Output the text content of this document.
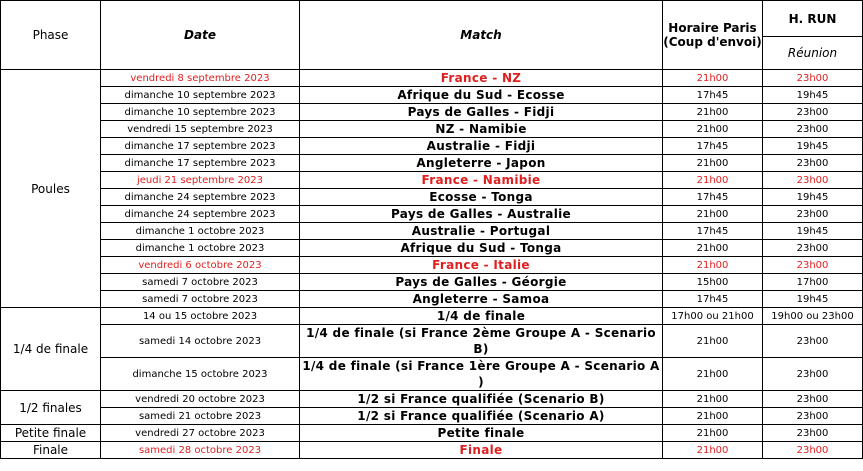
Phase	Date	Match	Horaire Paris (Coup d'envoi)	H. RUN
				Réunion
Poules	vendredi 8 septembre 2023	France - NZ	21h00	23h00
	dimanche 10 septembre 2023	Afrique du Sud - Ecosse	17h45	19h45
	dimanche 10 septembre 2023	Pays de Galles - Fidji	21h00	23h00
	vendredi 15 septembre 2023	NZ - Namibie	21h00	23h00
	dimanche 17 septembre 2023	Australie - Fidji	17h45	19h45
	dimanche 17 septembre 2023	Angleterre - Japon	21h00	23h00
	jeudi 21 septembre 2023	France - Namibie	21h00	23h00
	dimanche 24 septembre 2023	Ecosse - Tonga	17h45	19h45
	dimanche 24 septembre 2023	Pays de Galles - Australie	21h00	23h00
	dimanche 1 octobre 2023	Australie - Portugal	17h45	19h45
	dimanche 1 octobre 2023	Afrique du Sud - Tonga	21h00	23h00
	vendredi 6 octobre 2023	France - Italie	21h00	23h00
	samedi 7 octobre 2023	Pays de Galles - Géorgie	15h00	17h00
	samedi 7 octobre 2023	Angleterre - Samoa	17h45	19h45
1/4 de finale	14 ou 15 octobre 2023	1/4 de finale	17h00 ou 21h00	19h00 ou 23h00
	samedi 14 octobre 2023	1/4 de finale (si France 2ème Groupe A - Scenario B)	21h00	23h00
	dimanche 15 octobre 2023	1/4 de finale (si France 1ère Groupe A - Scenario A )	21h00	23h00
1/2 finales	vendredi 20 octobre 2023	1/2 si France qualifiée (Scenario B)	21h00	23h00
	samedi 21 octobre 2023	1/2 si France qualifiée (Scenario A)	21h00	23h00
Petite finale	vendredi 27 octobre 2023	Petite finale	21h00	23h00
Finale	samedi 28 octobre 2023	Finale	21h00	23h00
